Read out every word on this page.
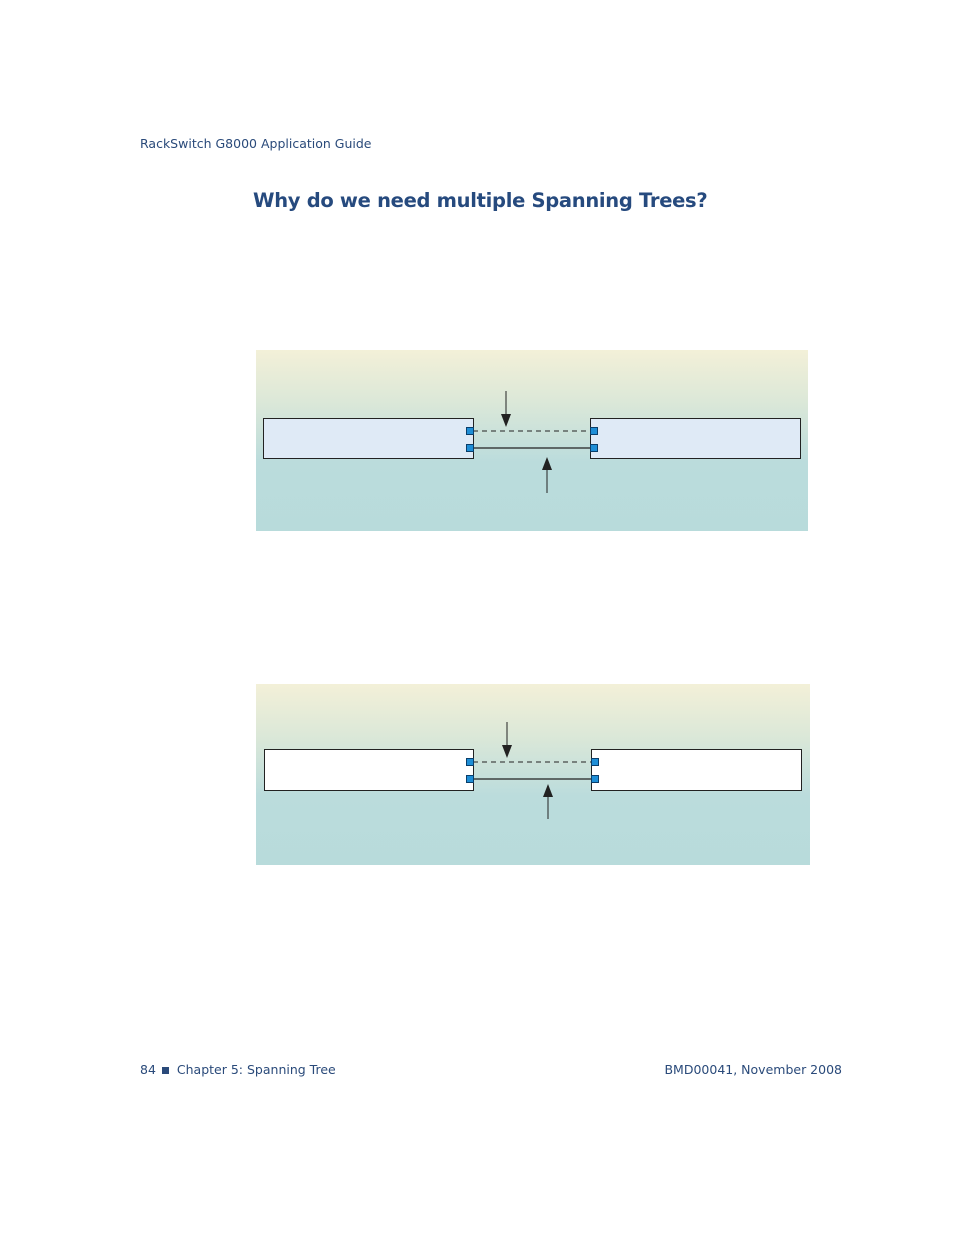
RackSwitch G8000 Application Guide
Why do we need multiple Spanning Trees?
84 Chapter 5: Spanning Tree	BMD00041, November 2008
